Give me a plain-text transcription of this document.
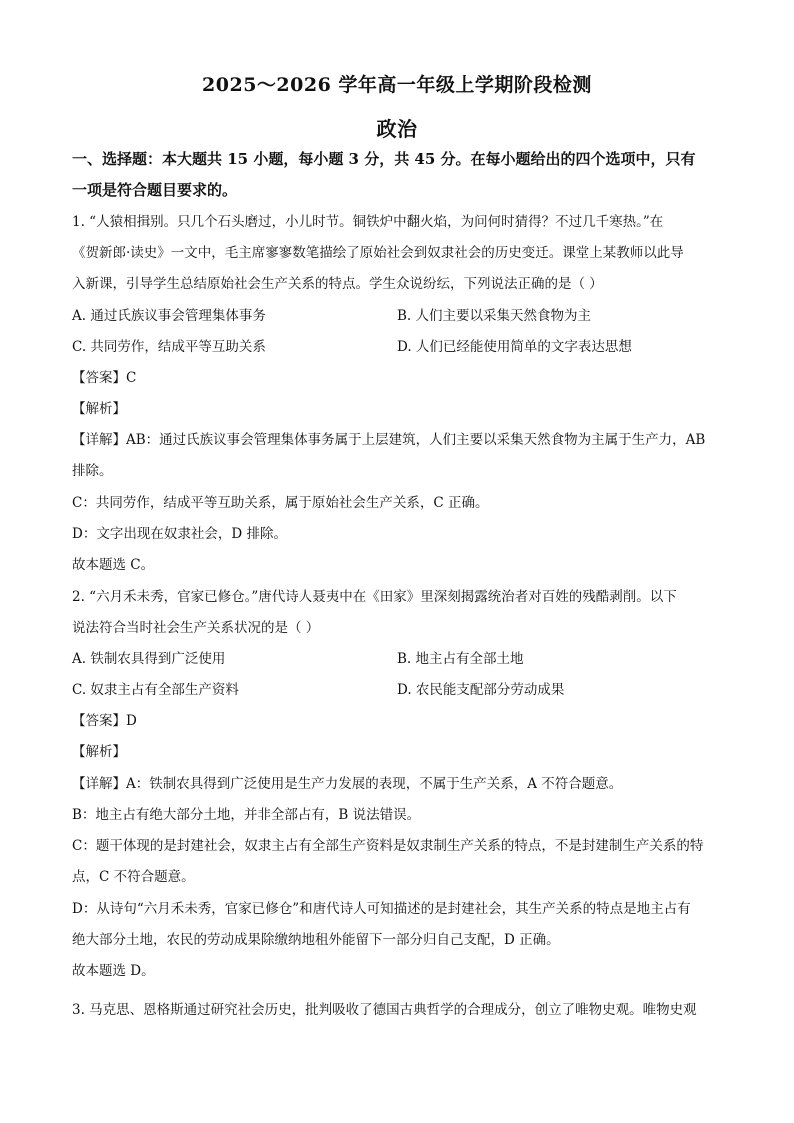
2025～2026 学年高一年级上学期阶段检测
政治
一、选择题：本大题共 15 小题，每小题 3 分，共 45 分。在每小题给出的四个选项中，只有
一项是符合题目要求的。
1. “人猿相揖别。只几个石头磨过，小儿时节。铜铁炉中翻火焰，为问何时猜得？不过几千寒热。”在
《贺新郎·读史》一文中，毛主席寥寥数笔描绘了原始社会到奴隶社会的历史变迁。课堂上某教师以此导
入新课，引导学生总结原始社会生产关系的特点。学生众说纷纭，下列说法正确的是（ ）
A. 通过氏族议事会管理集体事务	B. 人们主要以采集天然食物为主
C. 共同劳作，结成平等互助关系	D. 人们已经能使用简单的文字表达思想
【答案】C
【解析】
【详解】AB：通过氏族议事会管理集体事务属于上层建筑，人们主要以采集天然食物为主属于生产力，AB
排除。
C：共同劳作，结成平等互助关系，属于原始社会生产关系，C 正确。
D：文字出现在奴隶社会，D 排除。
故本题选 C。
2. “六月禾未秀，官家已修仓。”唐代诗人聂夷中在《田家》里深刻揭露统治者对百姓的残酷剥削。以下
说法符合当时社会生产关系状况的是（ ）
A. 铁制农具得到广泛使用	B. 地主占有全部土地
C. 奴隶主占有全部生产资料	D. 农民能支配部分劳动成果
【答案】D
【解析】
【详解】A：铁制农具得到广泛使用是生产力发展的表现，不属于生产关系，A 不符合题意。
B：地主占有绝大部分土地，并非全部占有，B 说法错误。
C：题干体现的是封建社会，奴隶主占有全部生产资料是奴隶制生产关系的特点，不是封建制生产关系的特
点，C 不符合题意。
D：从诗句“六月禾未秀，官家已修仓”和唐代诗人可知描述的是封建社会，其生产关系的特点是地主占有
绝大部分土地，农民的劳动成果除缴纳地租外能留下一部分归自己支配，D 正确。
故本题选 D。
3. 马克思、恩格斯通过研究社会历史，批判吸收了德国古典哲学的合理成分，创立了唯物史观。唯物史观
